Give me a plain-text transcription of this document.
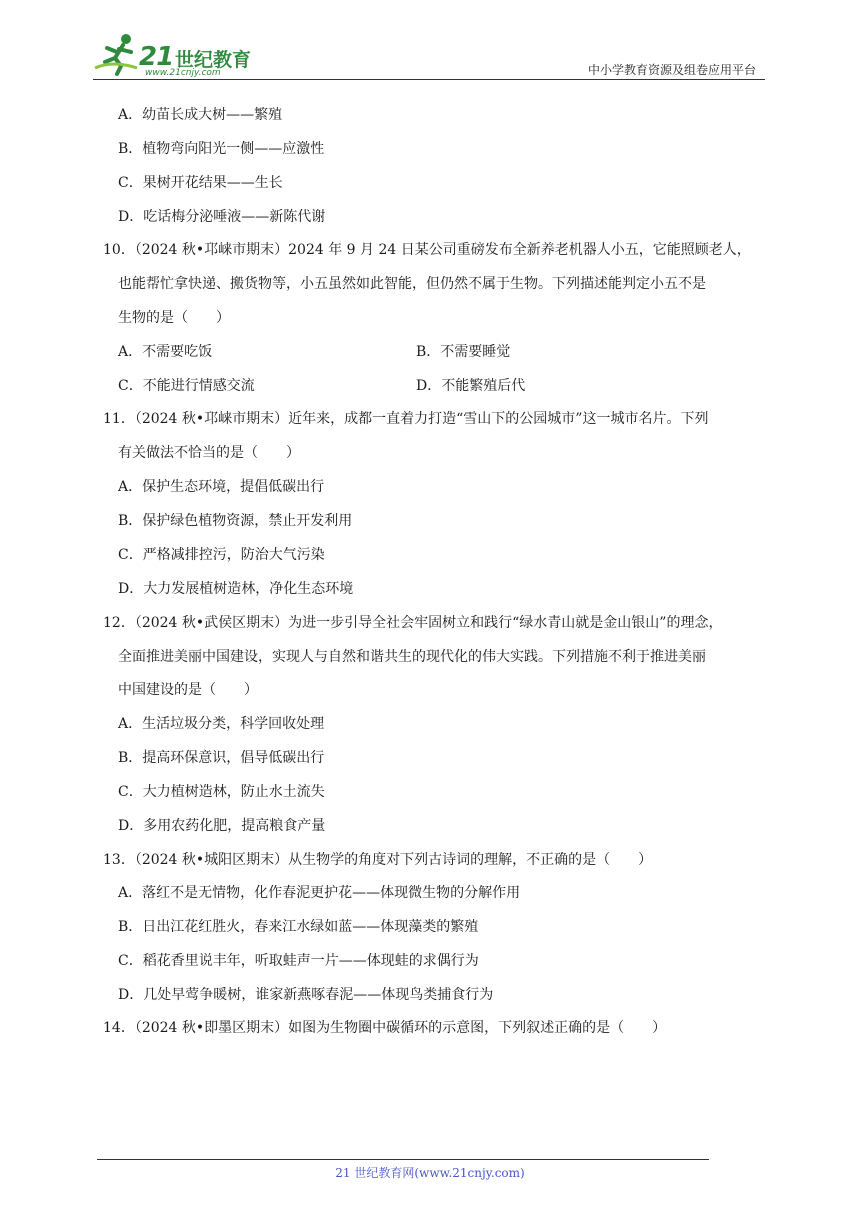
21 世纪教育
www.21cnjy.com	中小学教育资源及组卷应用平台
A．幼苗长成大树——繁殖
B．植物弯向阳光一侧——应激性
C．果树开花结果——生长
D．吃话梅分泌唾液——新陈代谢
10．（2024 秋•邛崃市期末）2024 年 9 月 24 日某公司重磅发布全新养老机器人小五，它能照顾老人，
也能帮忙拿快递、搬货物等，小五虽然如此智能，但仍然不属于生物。下列描述能判定小五不是
生物的是（　　）
A．不需要吃饭	B．不需要睡觉
C．不能进行情感交流	D．不能繁殖后代
11．（2024 秋•邛崃市期末）近年来，成都一直着力打造“雪山下的公园城市”这一城市名片。下列
有关做法不恰当的是（　　）
A．保护生态环境，提倡低碳出行
B．保护绿色植物资源，禁止开发利用
C．严格减排控污，防治大气污染
D．大力发展植树造林，净化生态环境
12．（2024 秋•武侯区期末）为进一步引导全社会牢固树立和践行“绿水青山就是金山银山”的理念，
全面推进美丽中国建设，实现人与自然和谐共生的现代化的伟大实践。下列措施不利于推进美丽
中国建设的是（　　）
A．生活垃圾分类，科学回收处理
B．提高环保意识，倡导低碳出行
C．大力植树造林，防止水土流失
D．多用农药化肥，提高粮食产量
13．（2024 秋•城阳区期末）从生物学的角度对下列古诗词的理解，不正确的是（　　）
A．落红不是无情物，化作春泥更护花——体现微生物的分解作用
B．日出江花红胜火，春来江水绿如蓝——体现藻类的繁殖
C．稻花香里说丰年，听取蛙声一片——体现蛙的求偶行为
D．几处早莺争暖树，谁家新燕啄春泥——体现鸟类捕食行为
14．（2024 秋•即墨区期末）如图为生物圈中碳循环的示意图，下列叙述正确的是（　　）
21 世纪教育网(www.21cnjy.com)
